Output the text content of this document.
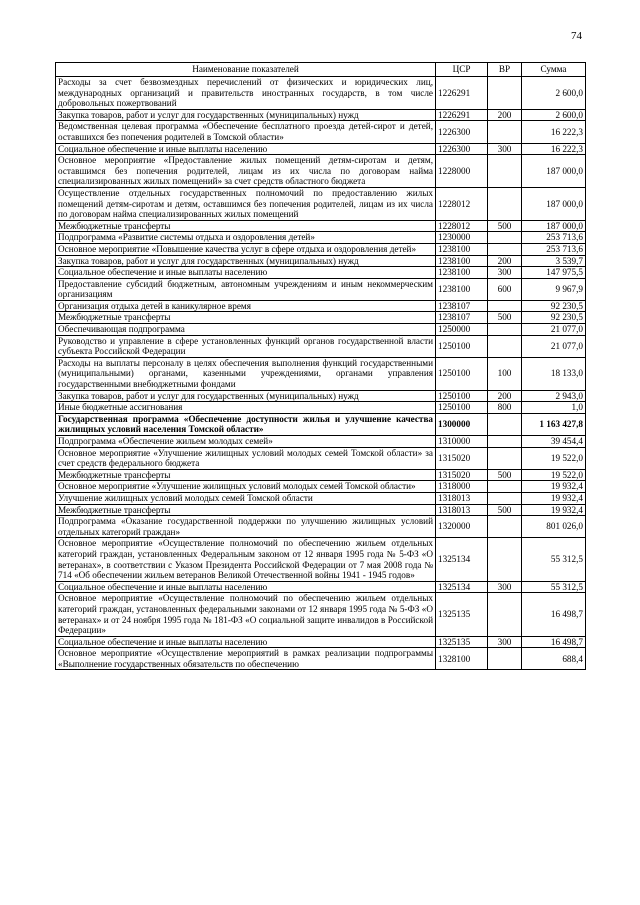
74
Наименование показателей	ЦСР	ВР	Сумма
Расходы за счет безвозмездных перечислений от физических и юридических лиц, международных организаций и правительств иностранных государств, в том числе добровольных пожертвований	1226291		2 600,0
Закупка товаров, работ и услуг для государственных (муниципальных) нужд	1226291	200	2 600,0
Ведомственная целевая программа «Обеспечение бесплатного проезда детей-сирот и детей, оставшихся без попечения родителей в Томской области»	1226300		16 222,3
Социальное обеспечение и иные выплаты населению	1226300	300	16 222,3
Основное мероприятие «Предоставление жилых помещений детям-сиротам и детям, оставшимся без попечения родителей, лицам из их числа по договорам найма специализированных жилых помещений» за счет средств областного бюджета	1228000		187 000,0
Осуществление отдельных государственных полномочий по предоставлению жилых помещений детям-сиротам и детям, оставшимся без попечения родителей, лицам из их числа по договорам найма специализированных жилых помещений	1228012		187 000,0
Межбюджетные трансферты	1228012	500	187 000,0
Подпрограмма «Развитие системы отдыха и оздоровления детей»	1230000		253 713,6
Основное мероприятие «Повышение качества услуг в сфере отдыха и оздоровления детей»	1238100		253 713,6
Закупка товаров, работ и услуг для государственных (муниципальных) нужд	1238100	200	3 539,7
Социальное обеспечение и иные выплаты населению	1238100	300	147 975,5
Предоставление субсидий бюджетным, автономным учреждениям и иным некоммерческим организациям	1238100	600	9 967,9
Организация отдыха детей в каникулярное время	1238107		92 230,5
Межбюджетные трансферты	1238107	500	92 230,5
Обеспечивающая подпрограмма	1250000		21 077,0
Руководство и управление в сфере установленных функций органов государственной власти субъекта Российской Федерации	1250100		21 077,0
Расходы на выплаты персоналу в целях обеспечения выполнения функций государственными (муниципальными) органами, казенными учреждениями, органами управления государственными внебюджетными фондами	1250100	100	18 133,0
Закупка товаров, работ и услуг для государственных (муниципальных) нужд	1250100	200	2 943,0
Иные бюджетные ассигнования	1250100	800	1,0
Государственная программа «Обеспечение доступности жилья и улучшение качества жилищных условий населения Томской области»	1300000		1 163 427,8
Подпрограмма «Обеспечение жильем молодых семей»	1310000		39 454,4
Основное мероприятие «Улучшение жилищных условий молодых семей Томской области» за счет средств федерального бюджета	1315020		19 522,0
Межбюджетные трансферты	1315020	500	19 522,0
Основное мероприятие «Улучшение жилищных условий молодых семей Томской области»	1318000		19 932,4
Улучшение жилищных условий молодых семей Томской области	1318013		19 932,4
Межбюджетные трансферты	1318013	500	19 932,4
Подпрограмма «Оказание государственной поддержки по улучшению жилищных условий отдельных категорий граждан»	1320000		801 026,0
Основное мероприятие «Осуществление полномочий по обеспечению жильем отдельных категорий граждан, установленных Федеральным законом от 12 января 1995 года № 5-ФЗ «О ветеранах», в соответствии с Указом Президента Российской Федерации от 7 мая 2008 года № 714 «Об обеспечении жильем ветеранов Великой Отечественной войны 1941 - 1945 годов»	1325134		55 312,5
Социальное обеспечение и иные выплаты населению	1325134	300	55 312,5
Основное мероприятие «Осуществление полномочий по обеспечению жильем отдельных категорий граждан, установленных федеральными законами от 12 января 1995 года № 5-ФЗ «О ветеранах» и от 24 ноября 1995 года № 181-ФЗ «О социальной защите инвалидов в Российской Федерации»	1325135		16 498,7
Социальное обеспечение и иные выплаты населению	1325135	300	16 498,7
Основное мероприятие «Осуществление мероприятий в рамках реализации подпрограммы «Выполнение государственных обязательств по обеспечению	1328100		688,4
